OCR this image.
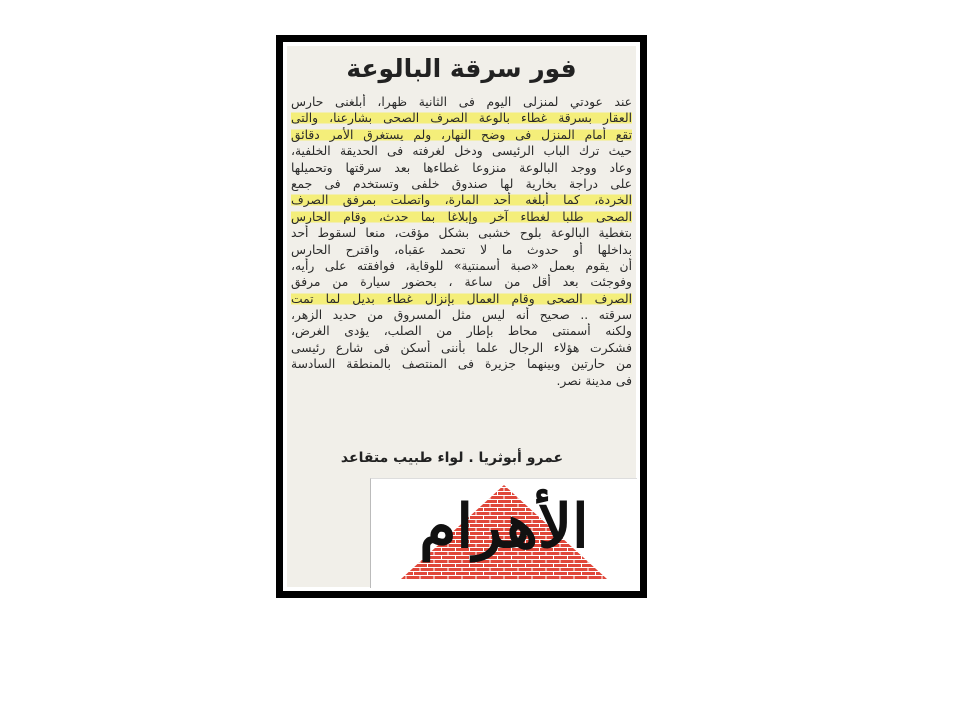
فور سرقة البالوعة
عند عودتي لمنزلى اليوم فى الثانية ظهرا، أبلغنى حارس
العقار بسرقة غطاء بالوعة الصرف الصحى بشارعنا، والتى
تقع أمام المنزل فى وضح النهار، ولم يستغرق الأمر دقائق
حيث ترك الباب الرئيسى ودخل لغرفته فى الحديقة الخلفية،
وعاد ووجد البالوعة منزوعا غطاءها بعد سرقتها وتحميلها
على دراجة بخارية لها صندوق خلفى وتستخدم فى جمع
الخردة، كما أبلغه أحد المارة، واتصلت بمرفق الصرف
الصحى طلبا لغطاء آخر وإبلاغا بما حدث، وقام الحارس
بتغطية البالوعة بلوح خشبى بشكل مؤقت، منعا لسقوط أحد
بداخلها أو حدوث ما لا تحمد عقباه، واقترح الحارس
أن يقوم بعمل «صبة أسمنتية» للوقاية، فوافقته على رأيه،
وفوجئت بعد أقل من ساعة ، بحضور سيارة من مرفق
الصرف الصحى وقام العمال بإنزال غطاء بديل لما تمت
سرقته .. صحيح أنه ليس مثل المسروق من حديد الزهر،
ولكنه أسمنتى محاط بإطار من الصلب، يؤدى الغرض،
فشكرت هؤلاء الرجال علما بأننى أسكن فى شارع رئيسى
من حارتين وبينهما جزيرة فى المنتصف بالمنطقة السادسة
فى مدينة نصر.
عمرو أبوثريا . لواء طبيب متقاعد
الأهرام
